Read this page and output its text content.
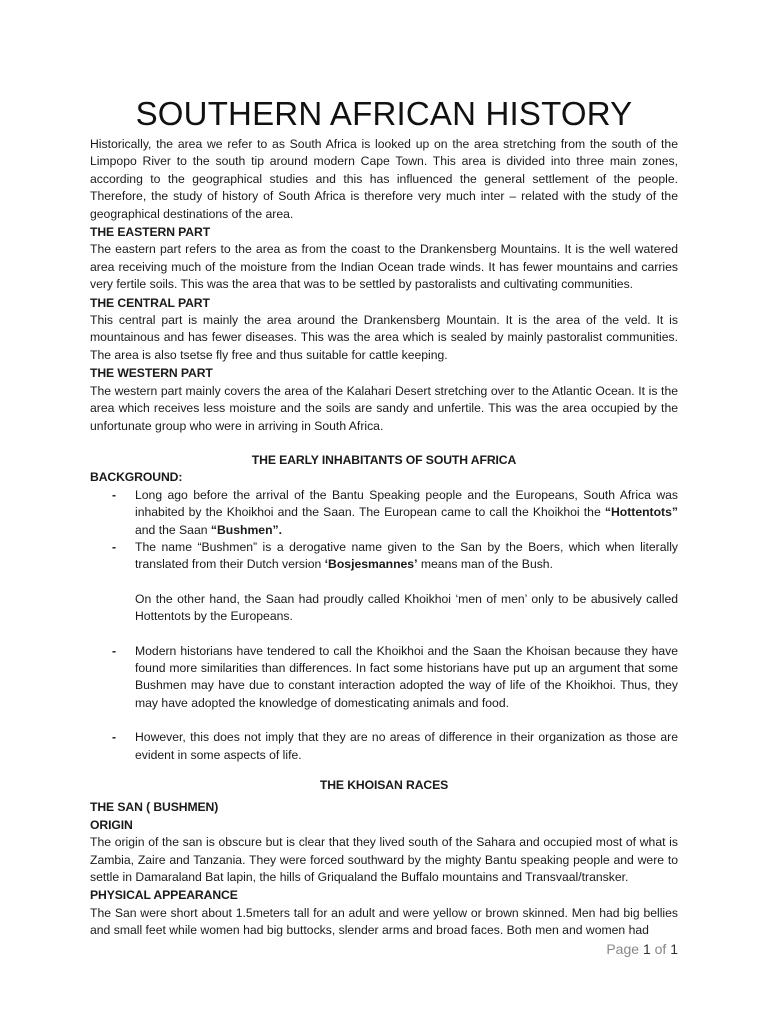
SOUTHERN AFRICAN HISTORY

Historically, the area we refer to as South Africa is looked up on the area stretching from the south of the Limpopo River to the south tip around modern Cape Town. This area is divided into three main zones, according to the geographical studies and this has influenced the general settlement of the people. Therefore, the study of history of South Africa is therefore very much inter – related with the study of the geographical destinations of the area.

THE EASTERN PART

The eastern part refers to the area as from the coast to the Drankensberg Mountains. It is the well watered area receiving much of the moisture from the Indian Ocean trade winds. It has fewer mountains and carries very fertile soils. This was the area that was to be settled by pastoralists and cultivating communities.

THE CENTRAL PART

This central part is mainly the area around the Drankensberg Mountain. It is the area of the veld. It is mountainous and has fewer diseases. This was the area which is sealed by mainly pastoralist communities. The area is also tsetse fly free and thus suitable for cattle keeping.

THE WESTERN PART

The western part mainly covers the area of the Kalahari Desert stretching over to the Atlantic Ocean. It is the area which receives less moisture and the soils are sandy and unfertile. This was the area occupied by the unfortunate group who were in arriving in South Africa.

THE EARLY INHABITANTS OF SOUTH AFRICA
BACKGROUND:
- Long ago before the arrival of the Bantu Speaking people and the Europeans, South Africa was inhabited by the Khoikhoi and the Saan. The European came to call the Khoikhoi the “Hottentots” and the Saan “Bushmen”.
- The name “Bushmen” is a derogative name given to the San by the Boers, which when literally translated from their Dutch version ‘Bosjesmannes’ means man of the Bush.
On the other hand, the Saan had proudly called Khoikhoi ‘men of men’ only to be abusively called Hottentots by the Europeans.
- Modern historians have tendered to call the Khoikhoi and the Saan the Khoisan because they have found more similarities than differences. In fact some historians have put up an argument that some Bushmen may have due to constant interaction adopted the way of life of the Khoikhoi. Thus, they may have adopted the knowledge of domesticating animals and food.
- However, this does not imply that they are no areas of difference in their organization as those are evident in some aspects of life.
THE KHOISAN RACES
THE SAN ( BUSHMEN)
ORIGIN

The origin of the san is obscure but is clear that they lived south of the Sahara and occupied most of what is Zambia, Zaire and Tanzania. They were forced southward by the mighty Bantu speaking people and were to settle in Damaraland Bat lapin, the hills of Griqualand the Buffalo mountains and Transvaal/transker.

PHYSICAL APPEARANCE

The San were short about 1.5meters tall for an adult and were yellow or brown skinned. Men had big bellies and small feet while women had big buttocks, slender arms and broad faces. Both men and women had

Page 1 of 1
